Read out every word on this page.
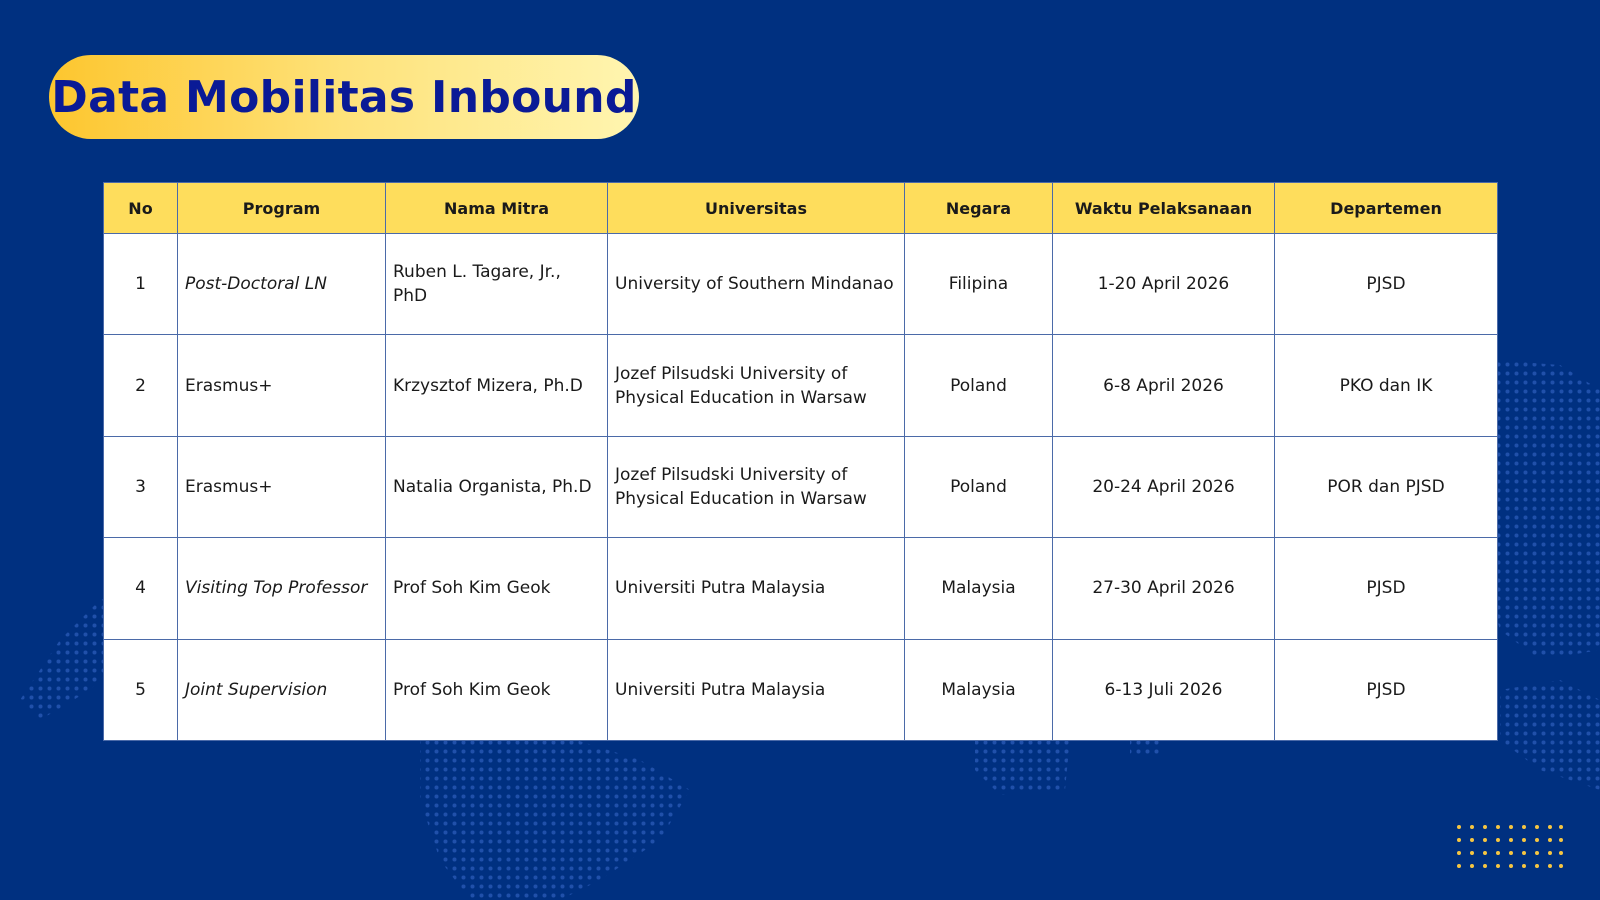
Data Mobilitas Inbound
No	Program	Nama Mitra	Universitas	Negara	Waktu Pelaksanaan	Departemen
1	Post-Doctoral LN	Ruben L. Tagare, Jr., PhD	University of Southern Mindanao	Filipina	1-20 April 2026	PJSD
2	Erasmus+	Krzysztof Mizera, Ph.D	Jozef Pilsudski University of Physical Education in Warsaw	Poland	6-8 April 2026	PKO dan IK
3	Erasmus+	Natalia Organista, Ph.D	Jozef Pilsudski University of Physical Education in Warsaw	Poland	20-24 April 2026	POR dan PJSD
4	Visiting Top Professor	Prof Soh Kim Geok	Universiti Putra Malaysia	Malaysia	27-30 April 2026	PJSD
5	Joint Supervision	Prof Soh Kim Geok	Universiti Putra Malaysia	Malaysia	6-13 Juli 2026	PJSD
